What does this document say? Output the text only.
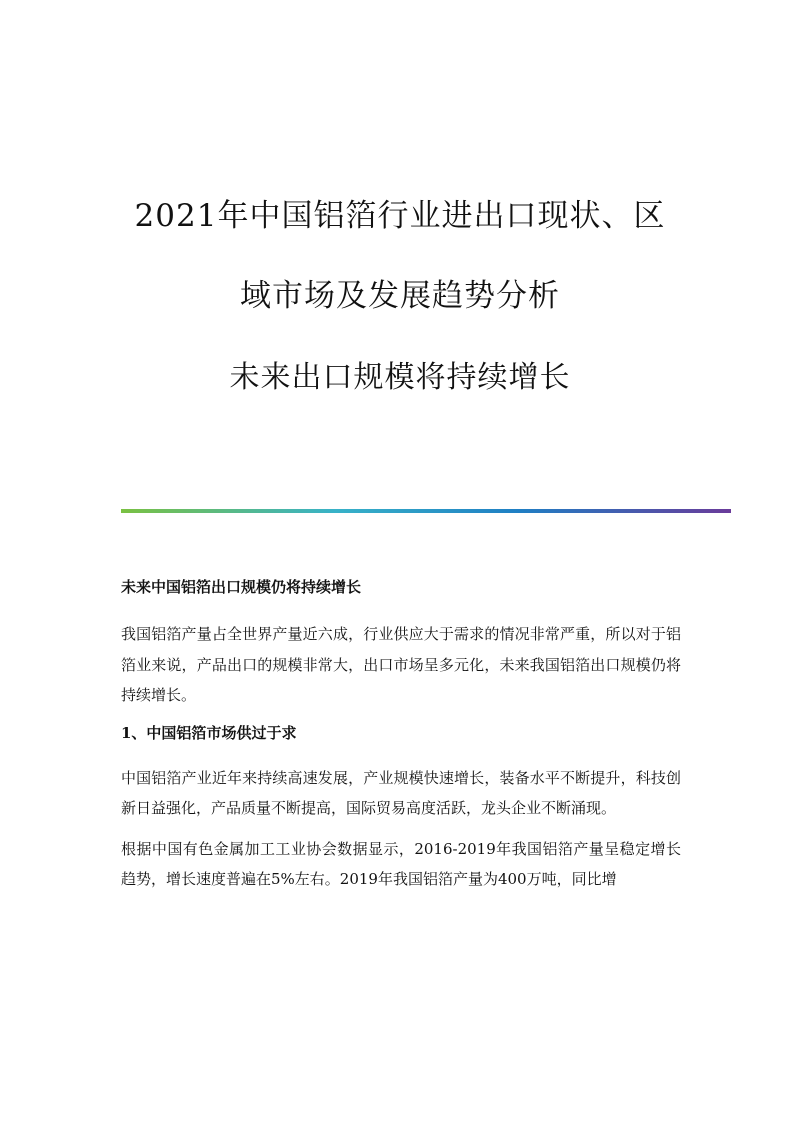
2021年中国铝箔行业进出口现状、区
域市场及发展趋势分析
未来出口规模将持续增长

未来中国铝箔出口规模仍将持续增长

我国铝箔产量占全世界产量近六成，行业供应大于需求的情况非常严重，所以对于铝箔业来说，产品出口的规模非常大，出口市场呈多元化，未来我国铝箔出口规模仍将持续增长。

1、中国铝箔市场供过于求

中国铝箔产业近年来持续高速发展，产业规模快速增长，装备水平不断提升，科技创新日益强化，产品质量不断提高，国际贸易高度活跃，龙头企业不断涌现。

根据中国有色金属加工工业协会数据显示，2016-2019年我国铝箔产量呈稳定增长趋势，增长速度普遍在5%左右。2019年我国铝箔产量为400万吨，同比增
